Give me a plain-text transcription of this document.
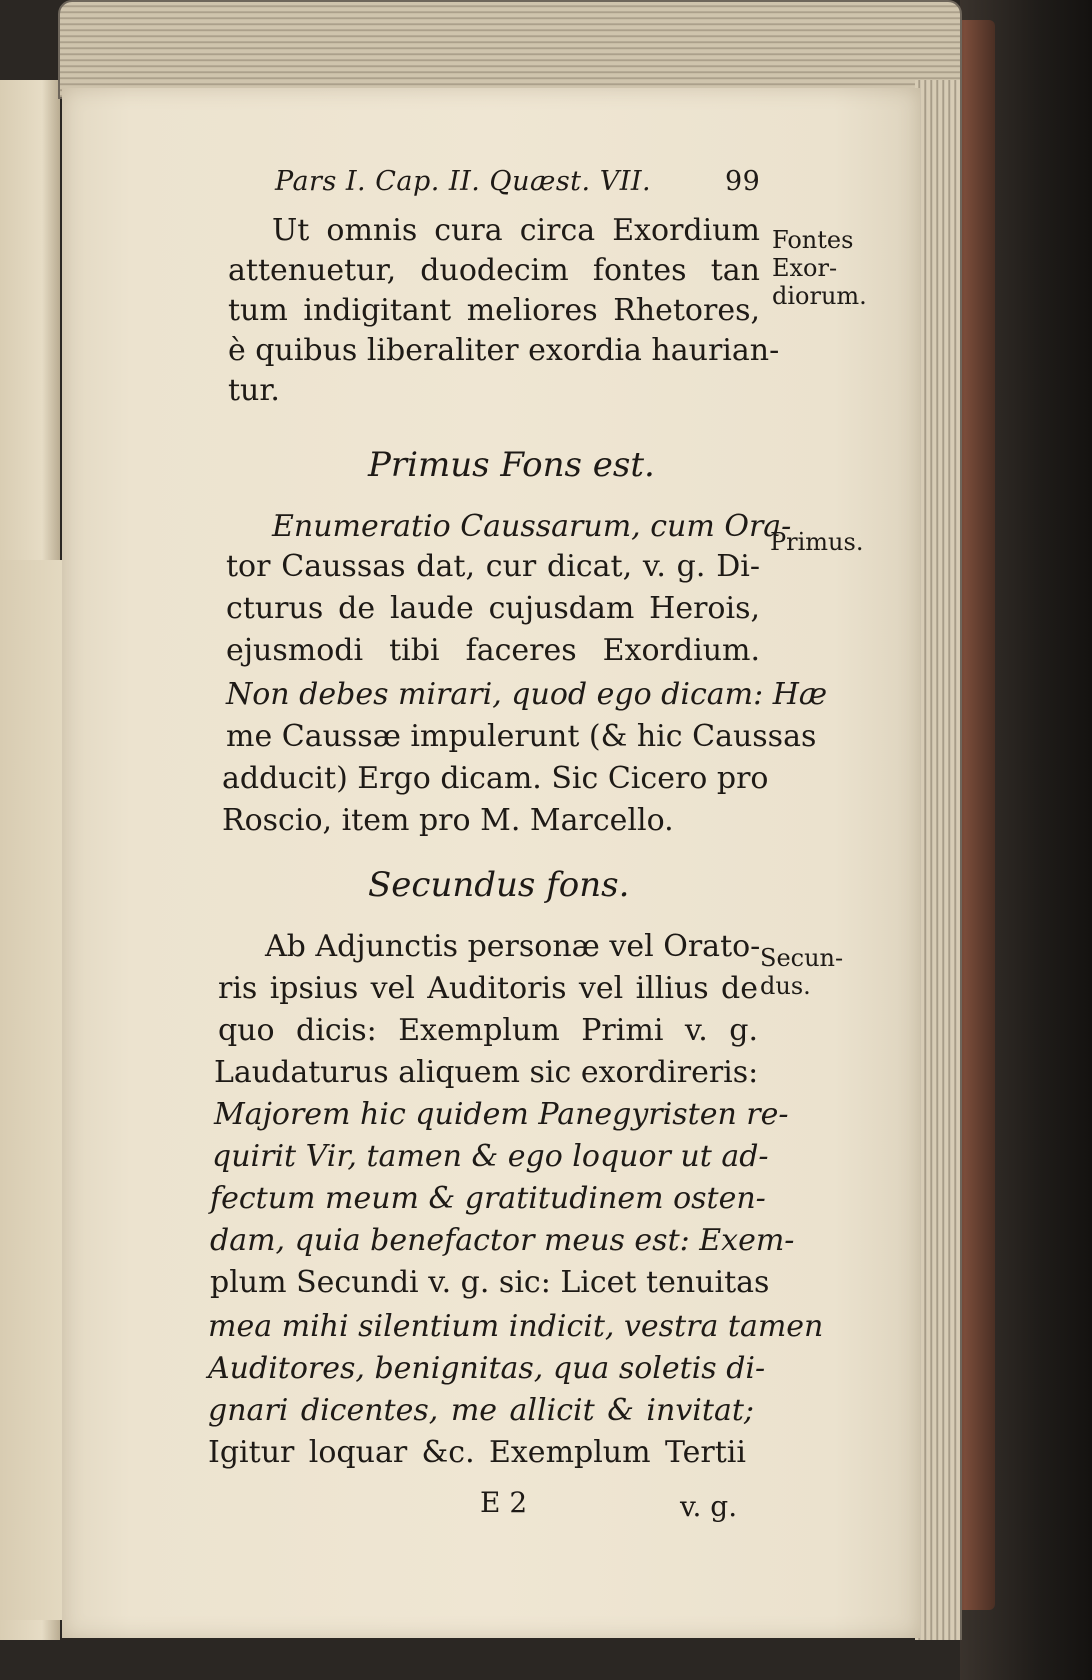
Pars I. Cap. II. Quæst. VII.	99
Ut omnis cura circa Exordium
attenuetur, duodecim fontes tan
tum indigitant meliores Rhetores,
è quibus liberaliter exordia haurian-
tur.
Primus Fons est.
Enumeratio Caussarum, cum Ora-
tor Caussas dat, cur dicat, v. g. Di-
cturus de laude cujusdam Herois,
ejusmodi tibi faceres Exordium.
Non debes mirari, quod ego dicam: Hæ
me Caussæ impulerunt (& hic Caussas
adducit) Ergo dicam. Sic Cicero pro
Roscio, item pro M. Marcello.
Secundus fons.
Ab Adjunctis personæ vel Orato-
ris ipsius vel Auditoris vel illius de
quo dicis: Exemplum Primi v. g.
Laudaturus aliquem sic exordireris:
Majorem hic quidem Panegyristen re-
quirit Vir, tamen & ego loquor ut ad-
fectum meum & gratitudinem osten-
dam, quia benefactor meus est: Exem-
plum Secundi v. g. sic: Licet tenuitas
mea mihi silentium indicit, vestra tamen
Auditores, benignitas, qua soletis di-
gnari dicentes, me allicit & invitat;
Igitur loquar &c. Exemplum Tertii
E 2	v. g.
Fontes
Exor-
diorum.
Primus.
Secun-
dus.
